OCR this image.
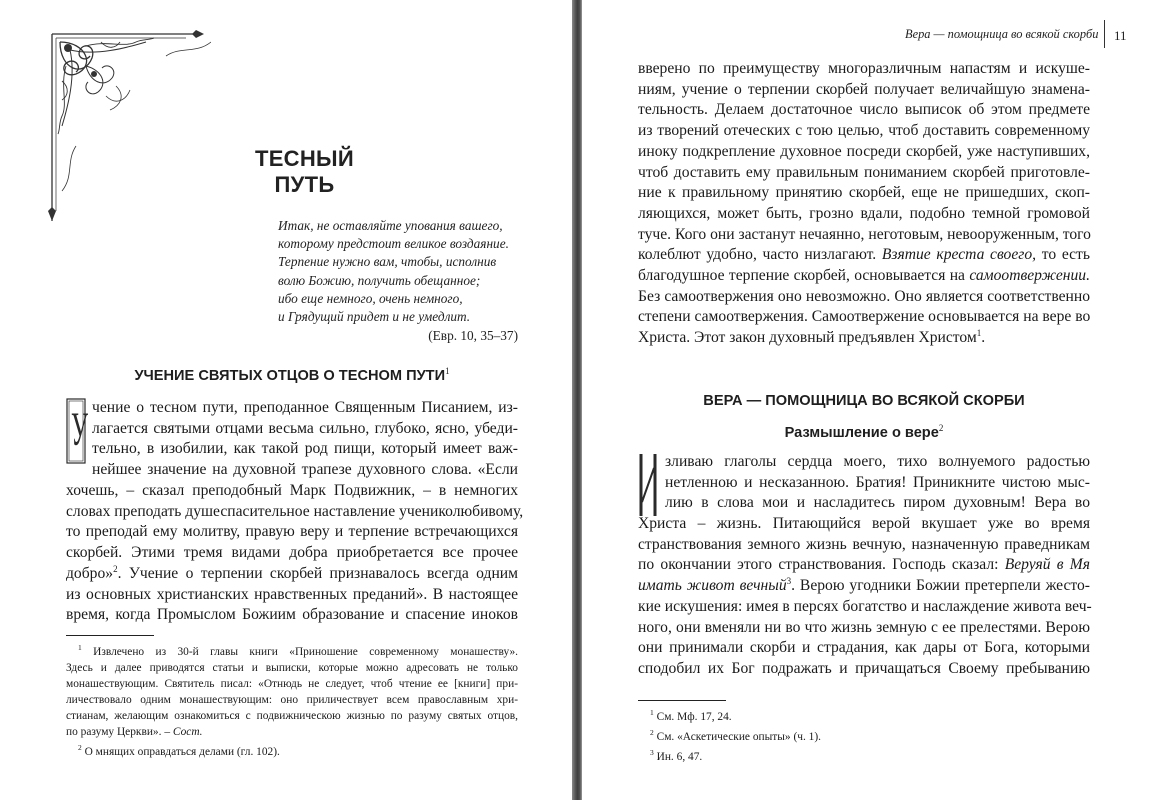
ТЕСНЫЙ ПУТЬ
Итак, не оставляйте упования вашего,
которому предстоит великое воздаяние.
Терпение нужно вам, чтобы, исполнив
волю Божию, получить обещанное;
ибо еще немного, очень немного,
и Грядущий придет и не умедлит.
(Евр. 10, 35–37)
УЧЕНИЕ СВЯТЫХ ОТЦОВ О ТЕСНОМ ПУТИ$^1$
У чение о тесном пути, преподанное Священным Писанием, из-
лагается святыми отцами весьма сильно, глубоко, ясно, убеди-
тельно, в изобилии, как такой род пищи, который имеет важ-
нейшее значение на духовной трапезе духовного слова. «Если
хочешь, – сказал преподобный Марк Подвижник, – в немногих
словах преподать душеспасительное наставление учениколюбивому,
то преподай ему молитву, правую веру и терпение встречающихся
скорбей. Этими тремя видами добра приобретается все прочее
добро»$^2$. Учение о терпении скорбей признавалось всегда одним
из основных христианских нравственных преданий». В настоящее
время, когда Промыслом Божиим образование и спасение иноков
$^1$ Извлечено из 30-й главы книги «Приношение современному монашеству».
Здесь и далее приводятся статьи и выписки, которые можно адресовать не только
монашествующим. Святитель писал: «Отнюдь не следует, чтоб чтение ее [книги] при-
личествовало одним монашествующим: оно приличествует всем православным хри-
стианам, желающим ознакомиться с подвижническою жизнью по разуму святых отцов,
по разуму Церкви». – Сост.
$^2$ О мнящих оправдаться делами (гл. 102).
Вера — помощница во всякой скорби 11
вверено по преимуществу многоразличным напастям и искуше-
ниям, учение о терпении скорбей получает величайшую знамена-
тельность. Делаем достаточное число выписок об этом предмете
из творений отеческих с тою целью, чтоб доставить современному
иноку подкрепление духовное посреди скорбей, уже наступивших,
чтоб доставить ему правильным пониманием скорбей приготовле-
ние к правильному принятию скорбей, еще не пришедших, скоп-
ляющихся, может быть, грозно вдали, подобно темной громовой
туче. Кого они застанут нечаянно, неготовым, невооруженным, того
колеблют удобно, часто низлагают. Взятие креста своего, то есть
благодушное терпение скорбей, основывается на самоотвержении.
Без самоотвержения оно невозможно. Оно является соответственно
степени самоотвержения. Самоотвержение основывается на вере во
Христа. Этот закон духовный предъявлен Христом$^1$.
ВЕРА — ПОМОЩНИЦА ВО ВСЯКОЙ СКОРБИ
Размышление о вере$^2$
зливаю глаголы сердца моего, тихо волнуемого радостью
нетленною и несказанною. Братия! Приникните чистою мыс-
лию в слова мои и насладитесь пиром духовным! Вера во
Христа – жизнь. Питающийся верой вкушает уже во время
странствования земного жизнь вечную, назначенную праведникам
по окончании этого странствования. Господь сказал: Веруяй в Мя
имать живот вечный$^3$. Верою угодники Божии претерпели жесто-
кие искушения: имея в персях богатство и наслаждение живота веч-
ного, они вменяли ни во что жизнь земную с ее прелестями. Верою
они принимали скорби и страдания, как дары от Бога, которыми
сподобил их Бог подражать и причащаться Своему пребыванию
$^1$ См. Мф. 17, 24.
$^2$ См. «Аскетические опыты» (ч. 1).
$^3$ Ин. 6, 47.
